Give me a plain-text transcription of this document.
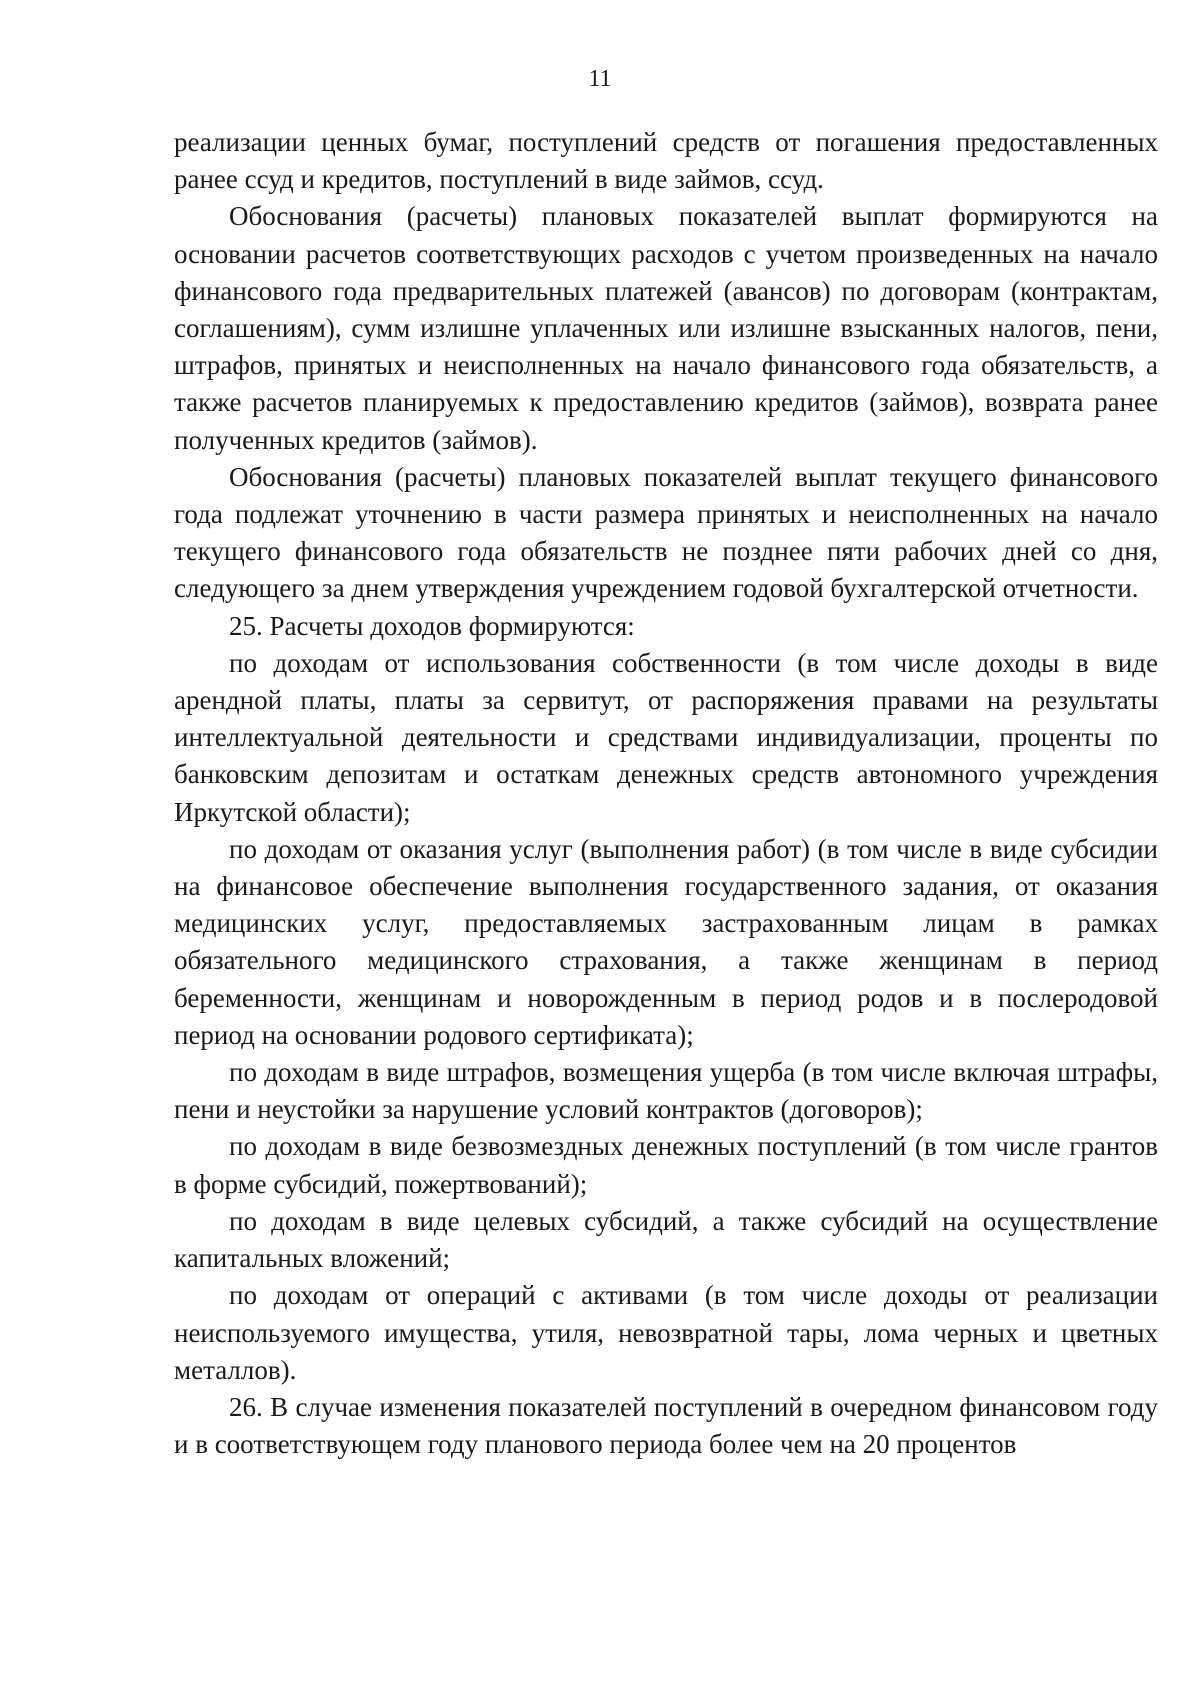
11

реализации ценных бумаг, поступлений средств от погашения предоставленных ранее ссуд и кредитов, поступлений в виде займов, ссуд.

Обоснования (расчеты) плановых показателей выплат формируются на основании расчетов соответствующих расходов с учетом произведенных на начало финансового года предварительных платежей (авансов) по договорам (контрактам, соглашениям), сумм излишне уплаченных или излишне взысканных налогов, пени, штрафов, принятых и неисполненных на начало финансового года обязательств, а также расчетов планируемых к предоставлению кредитов (займов), возврата ранее полученных кредитов (займов).

Обоснования (расчеты) плановых показателей выплат текущего финансового года подлежат уточнению в части размера принятых и неисполненных на начало текущего финансового года обязательств не позднее пяти рабочих дней со дня, следующего за днем утверждения учреждением годовой бухгалтерской отчетности.

25. Расчеты доходов формируются:

по доходам от использования собственности (в том числе доходы в виде арендной платы, платы за сервитут, от распоряжения правами на результаты интеллектуальной деятельности и средствами индивидуализации, проценты по банковским депозитам и остаткам денежных средств автономного учреждения Иркутской области);

по доходам от оказания услуг (выполнения работ) (в том числе в виде субсидии на финансовое обеспечение выполнения государственного задания, от оказания медицинских услуг, предоставляемых застрахованным лицам в рамках обязательного медицинского страхования, а также женщинам в период беременности, женщинам и новорожденным в период родов и в послеродовой период на основании родового сертификата);

по доходам в виде штрафов, возмещения ущерба (в том числе включая штрафы, пени и неустойки за нарушение условий контрактов (договоров);

по доходам в виде безвозмездных денежных поступлений (в том числе грантов в форме субсидий, пожертвований);

по доходам в виде целевых субсидий, а также субсидий на осуществление капитальных вложений;

по доходам от операций с активами (в том числе доходы от реализации неиспользуемого имущества, утиля, невозвратной тары, лома черных и цветных металлов).

26. В случае изменения показателей поступлений в очередном финансовом году и в соответствующем году планового периода более чем на 20 процентов
